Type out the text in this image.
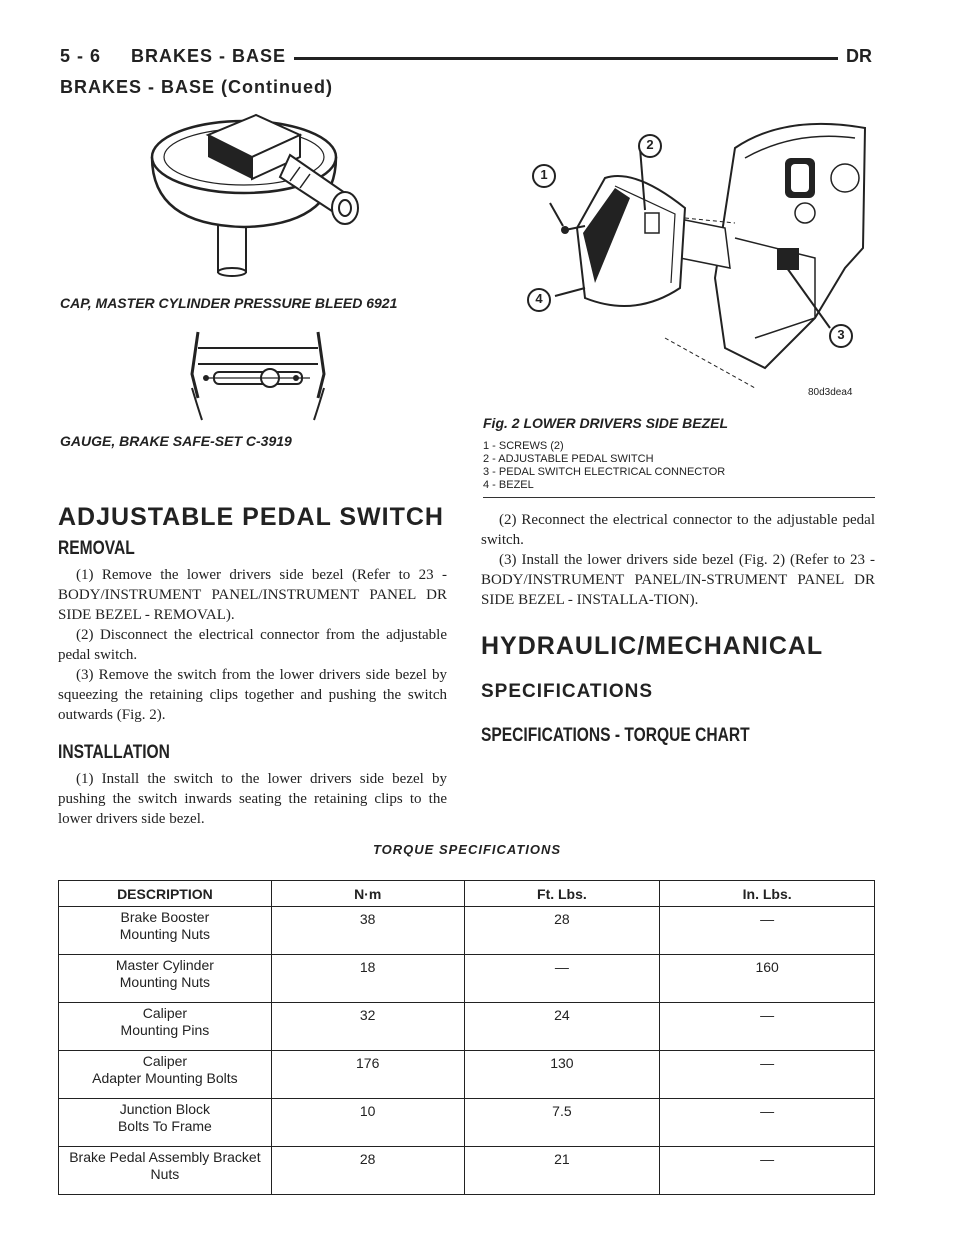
5 - 6     BRAKES - BASE	DR
BRAKES - BASE (Continued)
CAP, MASTER CYLINDER PRESSURE BLEED 6921
GAUGE, BRAKE SAFE-SET C-3919
1
2
3
4
80d3dea4
Fig. 2 LOWER DRIVERS SIDE BEZEL
1 - SCREWS (2)
2 - ADJUSTABLE PEDAL SWITCH
3 - PEDAL SWITCH ELECTRICAL CONNECTOR
4 - BEZEL
ADJUSTABLE PEDAL SWITCH
REMOVAL

(1) Remove the lower drivers side bezel (Refer to 23 - BODY/INSTRUMENT PANEL/INSTRUMENT PANEL DR SIDE BEZEL - REMOVAL).

(2) Disconnect the electrical connector from the adjustable pedal switch.

(3) Remove the switch from the lower drivers side bezel by squeezing the retaining clips together and pushing the switch outwards (Fig. 2).

INSTALLATION

(1) Install the switch to the lower drivers side bezel by pushing the switch inwards seating the retaining clips to the lower drivers side bezel.

(2) Reconnect the electrical connector to the adjustable pedal switch.

(3) Install the lower drivers side bezel (Fig. 2) (Refer to 23 - BODY/INSTRUMENT PANEL/IN-STRUMENT PANEL DR SIDE BEZEL - INSTALLA-TION).

HYDRAULIC/MECHANICAL
SPECIFICATIONS
SPECIFICATIONS - TORQUE CHART
TORQUE SPECIFICATIONS
DESCRIPTION	N·m	Ft. Lbs.	In. Lbs.
Brake Booster
Mounting Nuts	38	28	—
Master Cylinder
Mounting Nuts	18	—	160
Caliper
Mounting Pins	32	24	—
Caliper
Adapter Mounting Bolts	176	130	—
Junction Block
Bolts To Frame	10	7.5	—
Brake Pedal Assembly Bracket
Nuts	28	21	—
